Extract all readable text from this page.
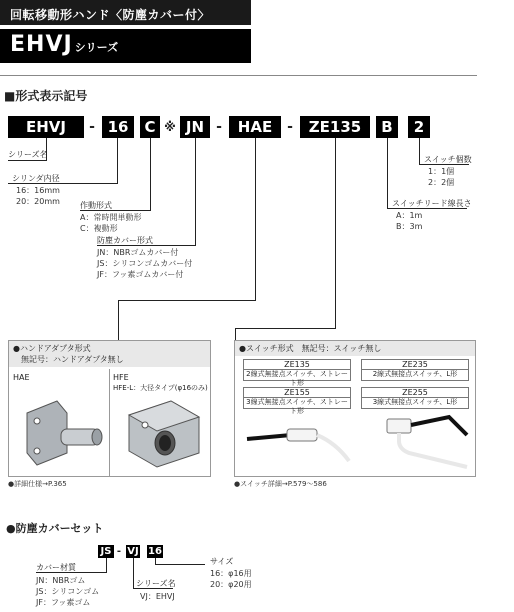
回転移動形ハンド〈防塵カバー付〉
EHVJ シリーズ
■形式表示記号
EHVJ	- 16	C ※ JN -	HAE	-	ZE135	B	2
シリーズ名
シリンダ内径
16：16mm
20：20mm	作動形式
A：常時開単動形
C：複動形
防塵カバー形式
JN：NBRゴムカバー付
JS：シリコンゴムカバー付
JF：フッ素ゴムカバー付
スイッチ個数
1：1個
2：2個
スイッチリード線長さ
A：1m
B：3m
●ハンドアダプタ形式
無記号：ハンドアダプタ無し
HAE	HFE
HFE-L：大径タイプ(φ16のみ)
●詳細仕様→P.365
●スイッチ形式　無記号：スイッチ無し
ZE135
2線式無接点スイッチ、ストレート形
ZE235
2線式無接点スイッチ、L形
ZE155
3線式無接点スイッチ、ストレート形
ZE255
3線式無接点スイッチ、L形
●スイッチ詳細→P.579～586
●防塵カバーセット
JS - VJ 16
カバー材質
JN：NBRゴム
JS：シリコンゴム
JF：フッ素ゴム
シリーズ名
VJ：EHVJ
サイズ
16：φ16用
20：φ20用
